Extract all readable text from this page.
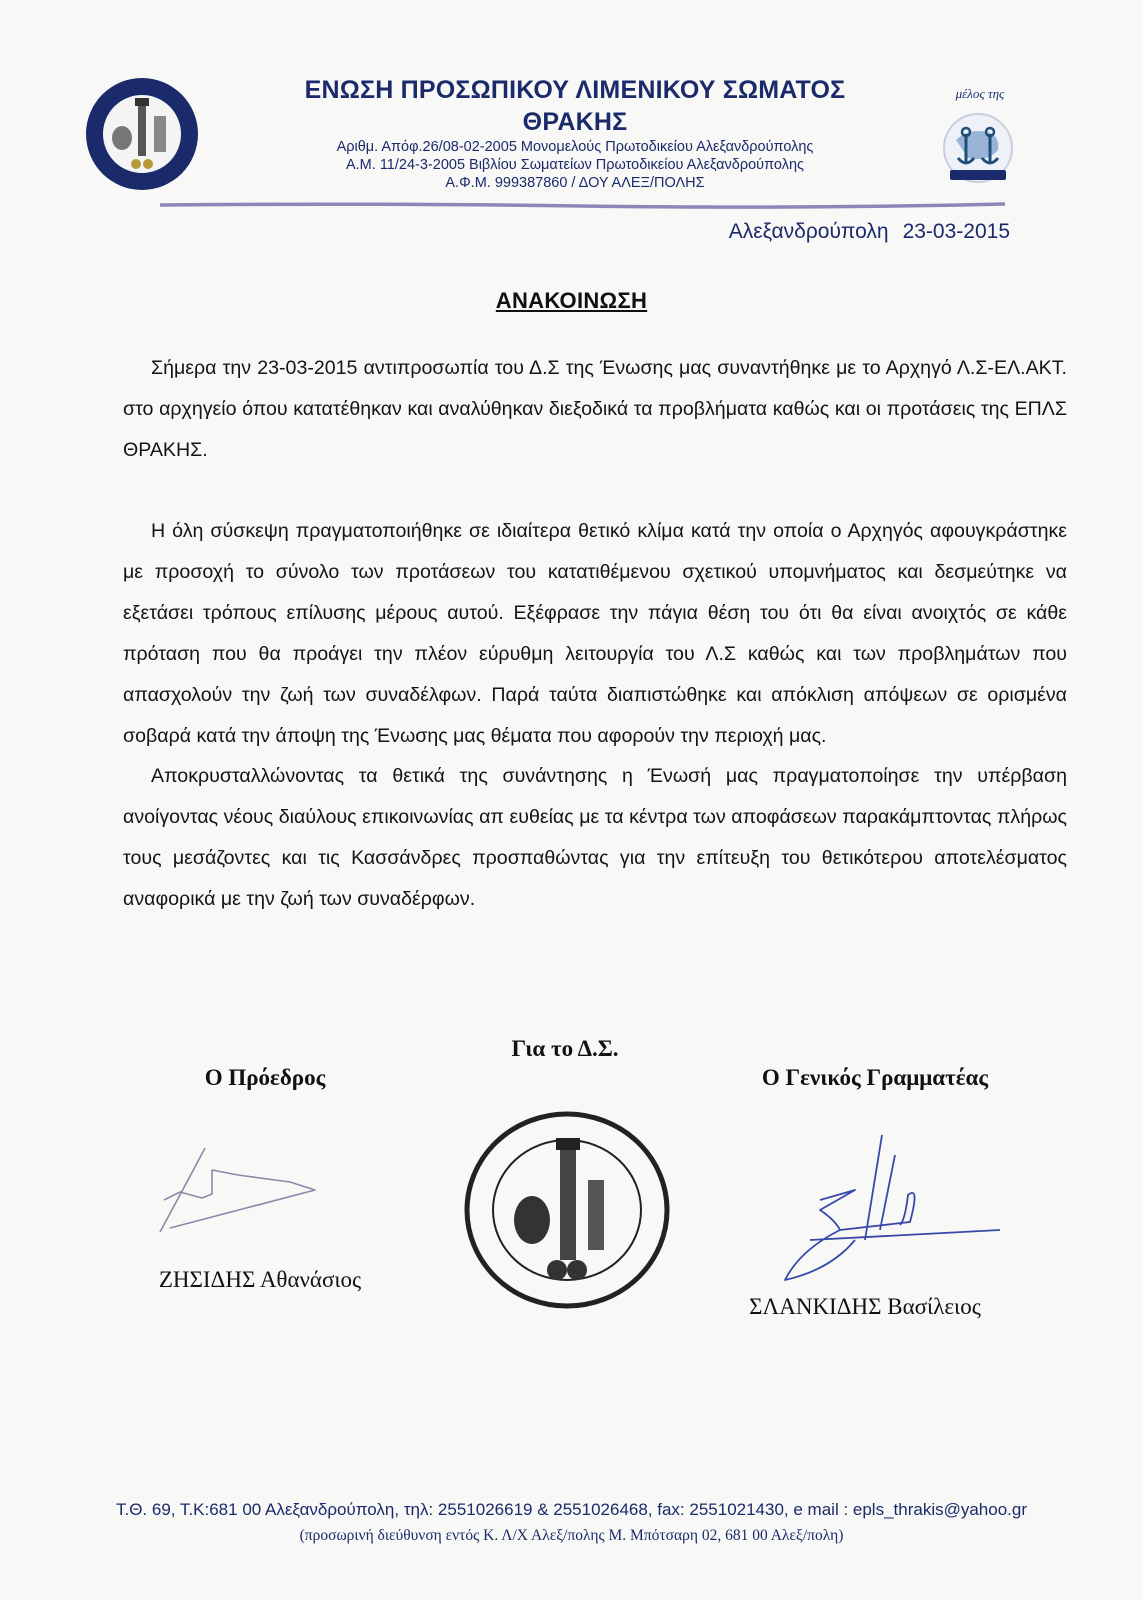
μέλος της
ΕΝΩΣΗ ΠΡΟΣΩΠΙΚΟΥ ΛΙΜΕΝΙΚΟΥ ΣΩΜΑΤΟΣ
ΘΡΑΚΗΣ
Αριθμ. Απόφ.26/08-02-2005 Μονομελούς Πρωτοδικείου Αλεξανδρούπολης
Α.Μ. 11/24-3-2005 Βιβλίου Σωματείων Πρωτοδικείου Αλεξανδρούπολης
Α.Φ.Μ. 999387860 / ΔΟΥ ΑΛΕΞ/ΠΟΛΗΣ
Αλεξανδρούπολη 23-03-2015
ΑΝΑΚΟΙΝΩΣΗ

Σήμερα την 23-03-2015 αντιπροσωπία του Δ.Σ της Ένωσης μας συναντήθηκε με το Αρχηγό Λ.Σ-ΕΛ.ΑΚΤ. στο αρχηγείο όπου κατατέθηκαν και αναλύθηκαν διεξοδικά τα προβλήματα καθώς και οι προτάσεις της ΕΠΛΣ ΘΡΑΚΗΣ.

Η όλη σύσκεψη πραγματοποιήθηκε σε ιδιαίτερα θετικό κλίμα κατά την οποία ο Αρχηγός αφουγκράστηκε με προσοχή το σύνολο των προτάσεων του κατατιθέμενου σχετικού υπομνήματος και δεσμεύτηκε να εξετάσει τρόπους επίλυσης μέρους αυτού. Εξέφρασε την πάγια θέση του ότι θα είναι ανοιχτός σε κάθε πρόταση που θα προάγει την πλέον εύρυθμη λειτουργία του Λ.Σ καθώς και των προβλημάτων που απασχολούν την ζωή των συναδέλφων. Παρά ταύτα διαπιστώθηκε και απόκλιση απόψεων σε ορισμένα σοβαρά κατά την άποψη της Ένωσης μας θέματα που αφορούν την περιοχή μας.

Αποκρυσταλλώνοντας τα θετικά της συνάντησης η Ένωσή μας πραγματοποίησε την υπέρβαση ανοίγοντας νέους διαύλους επικοινωνίας απ ευθείας με τα κέντρα των αποφάσεων παρακάμπτοντας πλήρως τους μεσάζοντες και τις Κασσάνδρες προσπαθώντας για την επίτευξη του θετικότερου αποτελέσματος αναφορικά με την ζωή των συναδέρφων.

Για το Δ.Σ.
Ο Πρόεδρος	Ο Γενικός Γραμματέας
ΖΗΣΙΔΗΣ Αθανάσιος
ΣΛΑΝΚΙΔΗΣ Βασίλειος
Τ.Θ. 69, Τ.Κ:681 00 Αλεξανδρούπολη, τηλ: 2551026619 & 2551026468, fax: 2551021430, e mail : epls_thrakis@yahoo.gr
(προσωρινή διεύθυνση εντός Κ. Λ/Χ Αλεξ/πολης Μ. Μπότσαρη 02, 681 00 Αλεξ/πολη)
